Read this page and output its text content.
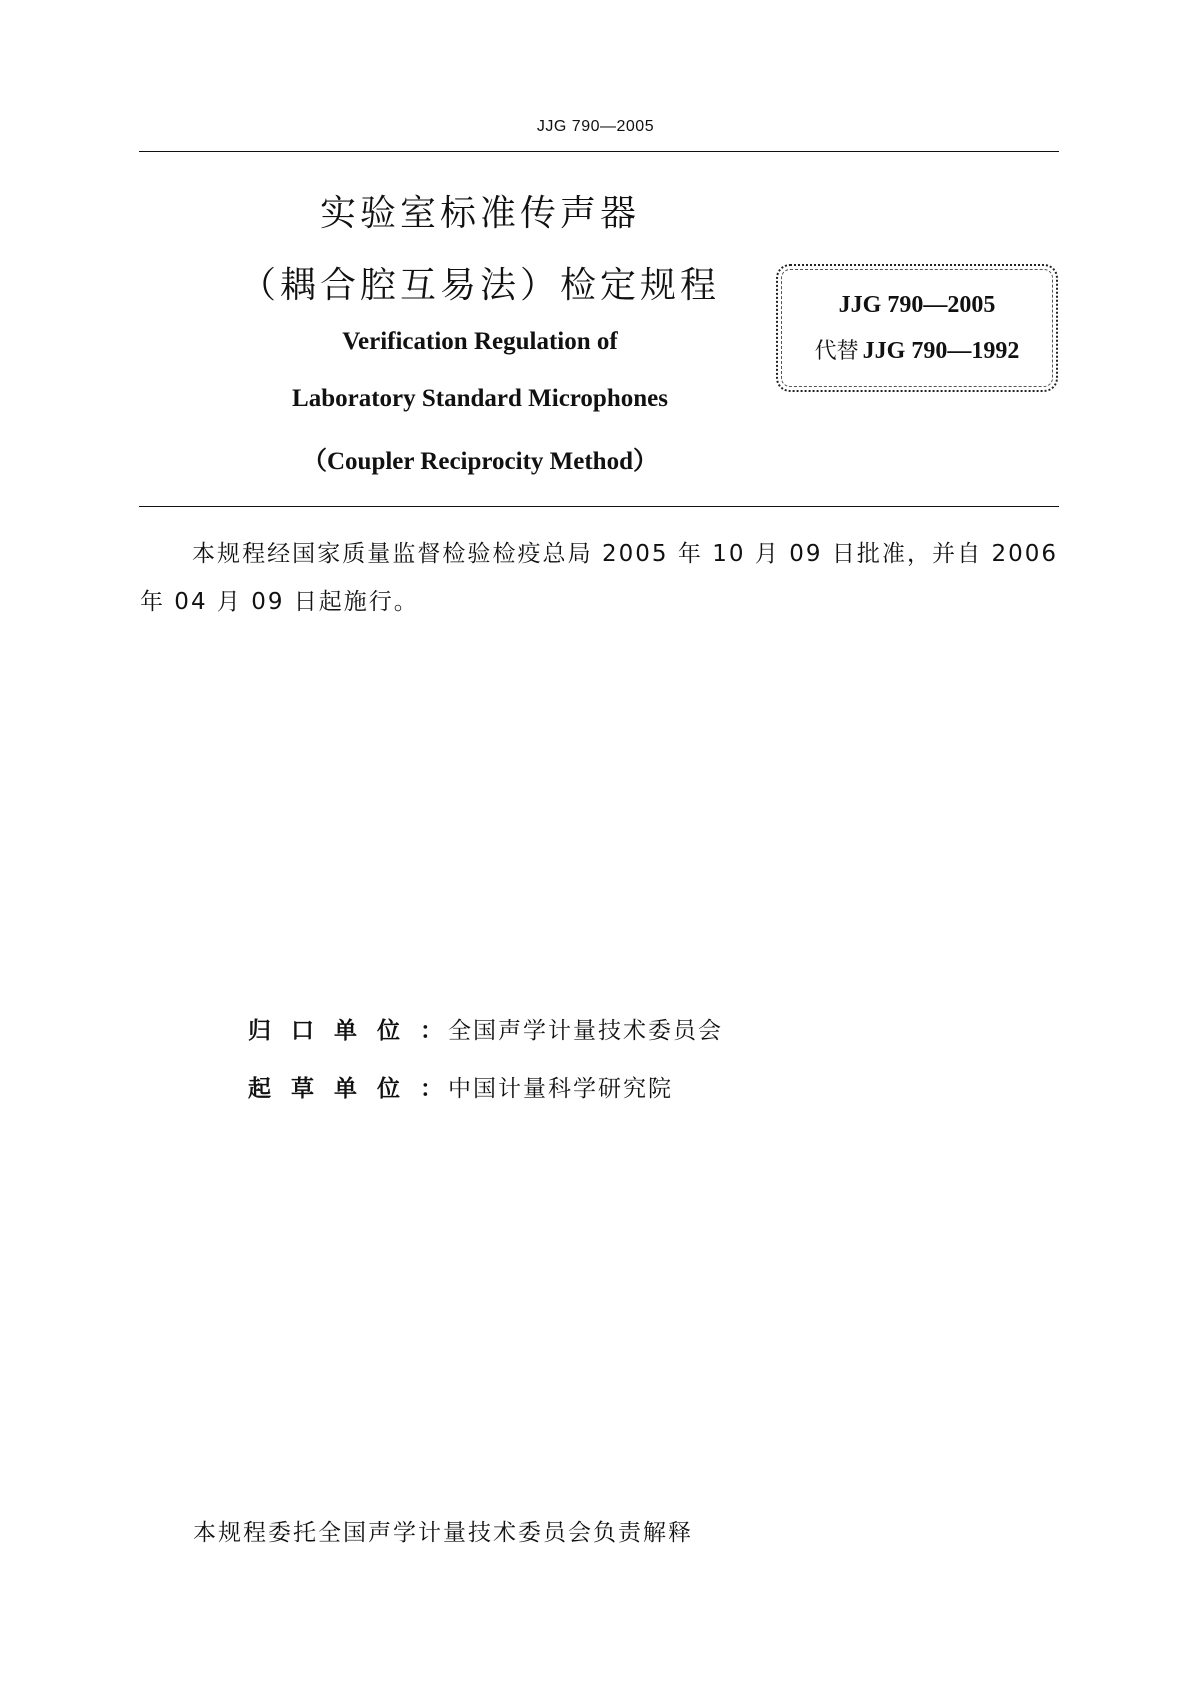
JJG 790—2005
实验室标准传声器
（耦合腔互易法）检定规程
Verification Regulation of
Laboratory Standard Microphones
（Coupler Reciprocity Method）
JJG 790—2005
代替 JJG 790—1992
本规程经国家质量监督检验检疫总局 2005 年 10 月 09 日批准，并自 2006 年 04 月 09 日起施行。
归口单位：全国声学计量技术委员会
起草单位：中国计量科学研究院
本规程委托全国声学计量技术委员会负责解释
